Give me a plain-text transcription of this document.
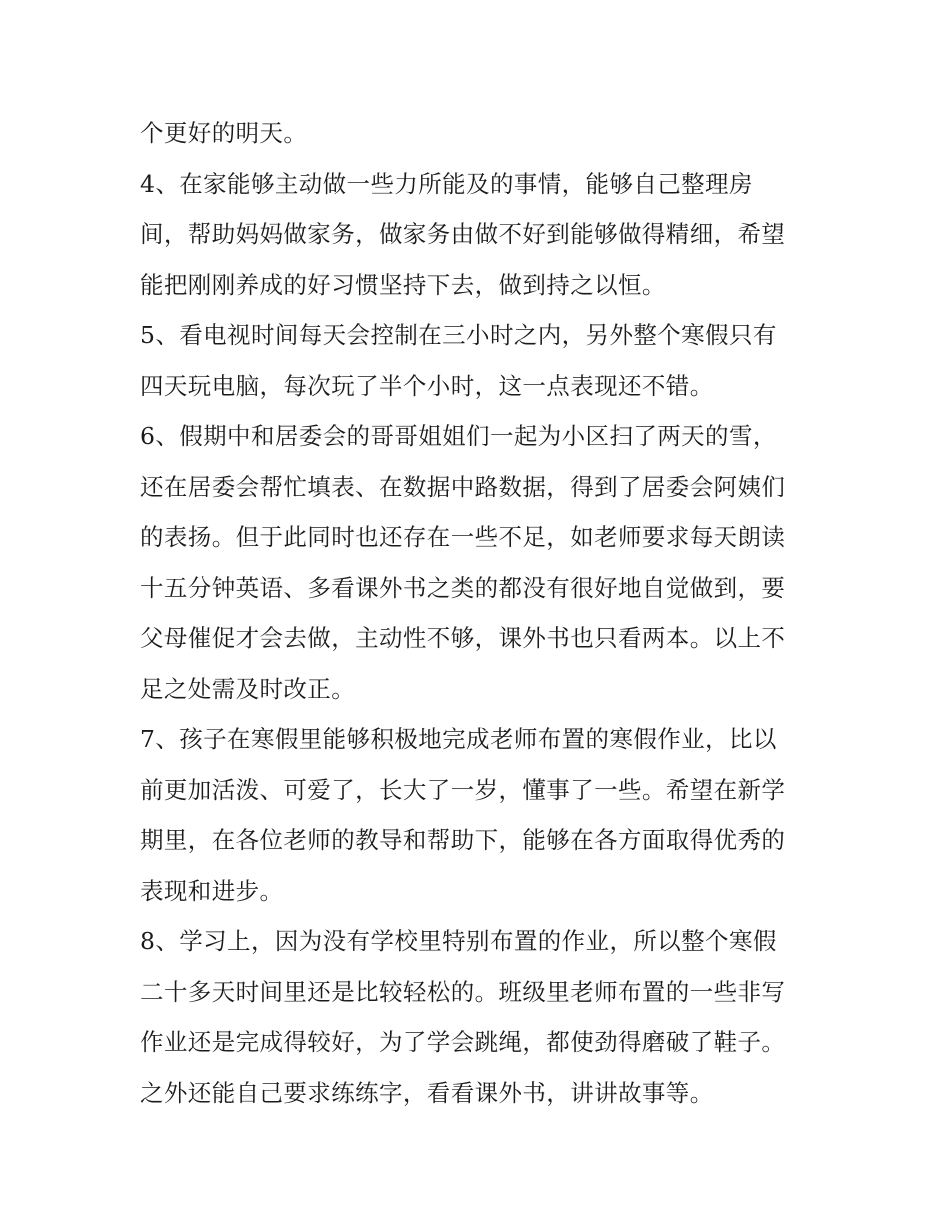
个更好的明天。
4、在家能够主动做一些力所能及的事情，能够自己整理房
间，帮助妈妈做家务，做家务由做不好到能够做得精细，希望
能把刚刚养成的好习惯坚持下去，做到持之以恒。
5、看电视时间每天会控制在三小时之内，另外整个寒假只有
四天玩电脑，每次玩了半个小时，这一点表现还不错。
6、假期中和居委会的哥哥姐姐们一起为小区扫了两天的雪，
还在居委会帮忙填表、在数据中路数据，得到了居委会阿姨们
的表扬。但于此同时也还存在一些不足，如老师要求每天朗读
十五分钟英语、多看课外书之类的都没有很好地自觉做到，要
父母催促才会去做，主动性不够，课外书也只看两本。以上不
足之处需及时改正。
7、孩子在寒假里能够积极地完成老师布置的寒假作业，比以
前更加活泼、可爱了，长大了一岁，懂事了一些。希望在新学
期里，在各位老师的教导和帮助下，能够在各方面取得优秀的
表现和进步。
8、学习上，因为没有学校里特别布置的作业，所以整个寒假
二十多天时间里还是比较轻松的。班级里老师布置的一些非写
作业还是完成得较好，为了学会跳绳，都使劲得磨破了鞋子。
之外还能自己要求练练字，看看课外书，讲讲故事等。
